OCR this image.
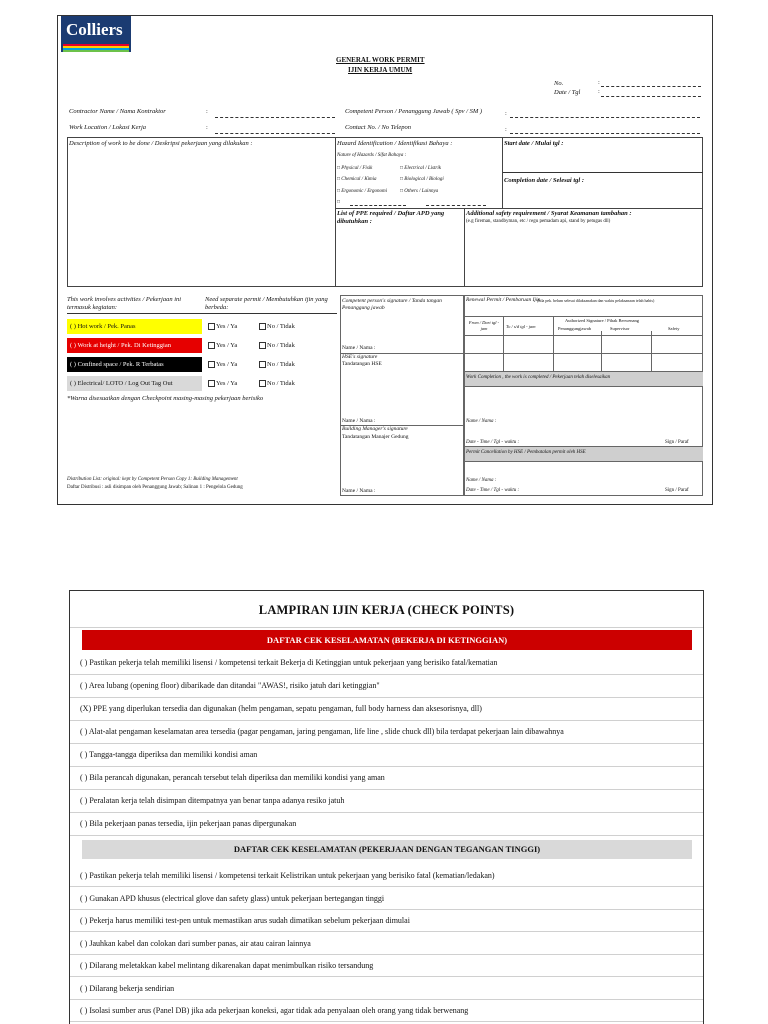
Colliers
GENERAL WORK PERMIT
IJIN KERJA UMUM
No.	:
Date / Tgl	:
Contractor Name / Nama Kontraktor	:
Work Location / Lokasi Kerja	:
Competent Person / Penanggung Jawab ( Spv / SM )	:
Contact No. / No Telepon	:
Description of work to be done / Deskripsi pekerjaan yang dilakukan :	Hazard Identification / Identifikasi Bahaya :
Nature of Hazards / Sifat Bahaya :
□ Physical / Fisik	□ Electrical / Listrik
□ Chemical / Kimia	□ Biological / Biologi
□ Ergonomic / Ergonomi	□ Others / Lainnya
□
Start date / Mulai tgl :
Completion date / Selesai tgl :
List of PPE required / Daftar APD yang dibutuhkan :
Additional safety requirement / Syarat Keamanan tambahan :
(e.g fireman, standbyman, etc / regu pemadam api, stand by petugas dll)
This work involves activities / Pekerjaan ini termasuk kegiatan:
Need separate permit / Membutuhkan ijin yang berbeda:
*Warna disesuaikan dengan Checkpoint masing-masing pekerjaan berisiko
Distribution List: original: kept by Competent Person Copy 1: Building Management
Daftar Distribusi : asli disimpan oleh Penanggung Jawab; Salinan 1 : Pengelola Gedung
Competent person's signature / Tanda tangan Penanggung jawab
Name / Nama :
HSE's signature
Tandatangan HSE
Name / Nama :
Building Manager's signature
Tandatangan Manajer Gedung
Name / Nama :
Renewal Permit / Pembaruan Ijin
(bila pek. belum selesai dilaksanakan dan waktu pelaksanaan telah habis)
From / Dari tgl - jam	To / s/d tgl - jam
Authorized Signature / Pihak Berwenang
Penanggungjawab	Supervisor	Safety
Work Completion , the work is completed / Pekerjaan telah diselesaikan
Name / Nama :
Date - Time / Tgl - waktu :	Sign / Paraf
Permit Cancellation by HSE / Pembatalan permit oleh HSE
Name / Nama :
Date - Time / Tgl - waktu :	Sign / Paraf
( ) Hot work / Pek. Panas	Yes / Ya	No / Tidak
( ) Work at height / Pek. Di Ketinggian	Yes / Ya	No / Tidak
( ) Confined space / Pek. R Terbatas	Yes / Ya	No / Tidak
( ) Electrical/ LOTO / Log Out Tag Out	Yes / Ya	No / Tidak
LAMPIRAN IJIN KERJA (CHECK POINTS)
DAFTAR CEK KESELAMATAN (BEKERJA DI KETINGGIAN)
DAFTAR CEK KESELAMATAN (PEKERJAAN DENGAN TEGANGAN TINGGI)
( ) Pastikan pekerja telah memiliki lisensi / kompetensi terkait Bekerja di Ketinggian untuk pekerjaan yang berisiko fatal/kematian
( ) Area lubang (opening floor) dibarikade dan ditandai "AWAS!, risiko jatuh dari ketinggian"
(X) PPE yang diperlukan tersedia dan digunakan (helm pengaman, sepatu pengaman, full body harness dan aksesorisnya, dll)
( ) Alat-alat pengaman keselamatan area tersedia (pagar pengaman, jaring pengaman, life line , slide chuck dll) bila terdapat pekerjaan lain dibawahnya
( ) Tangga-tangga diperiksa dan memiliki kondisi aman
( ) Bila perancah digunakan, perancah tersebut telah diperiksa dan memiliki kondisi yang aman
( ) Peralatan kerja telah disimpan ditempatnya yan benar tanpa adanya resiko jatuh
( ) Bila pekerjaan panas tersedia, ijin pekerjaan panas dipergunakan
( ) Pastikan pekerja telah memiliki lisensi / kompetensi terkait Kelistrikan untuk pekerjaan yang berisiko fatal (kematian/ledakan)
( ) Gunakan APD khusus (electrical glove dan safety glass) untuk pekerjaan bertegangan tinggi
( ) Pekerja harus memiliki test-pen untuk memastikan arus sudah dimatikan sebelum pekerjaan dimulai
( ) Jauhkan kabel dan colokan dari sumber panas, air atau cairan lainnya
( ) Dilarang meletakkan kabel melintang dikarenakan dapat menimbulkan risiko tersandung
( ) Dilarang bekerja sendirian
( ) Isolasi sumber arus (Panel DB) jika ada pekerjaan koneksi, agar tidak ada penyalaan oleh orang yang tidak berwenang
